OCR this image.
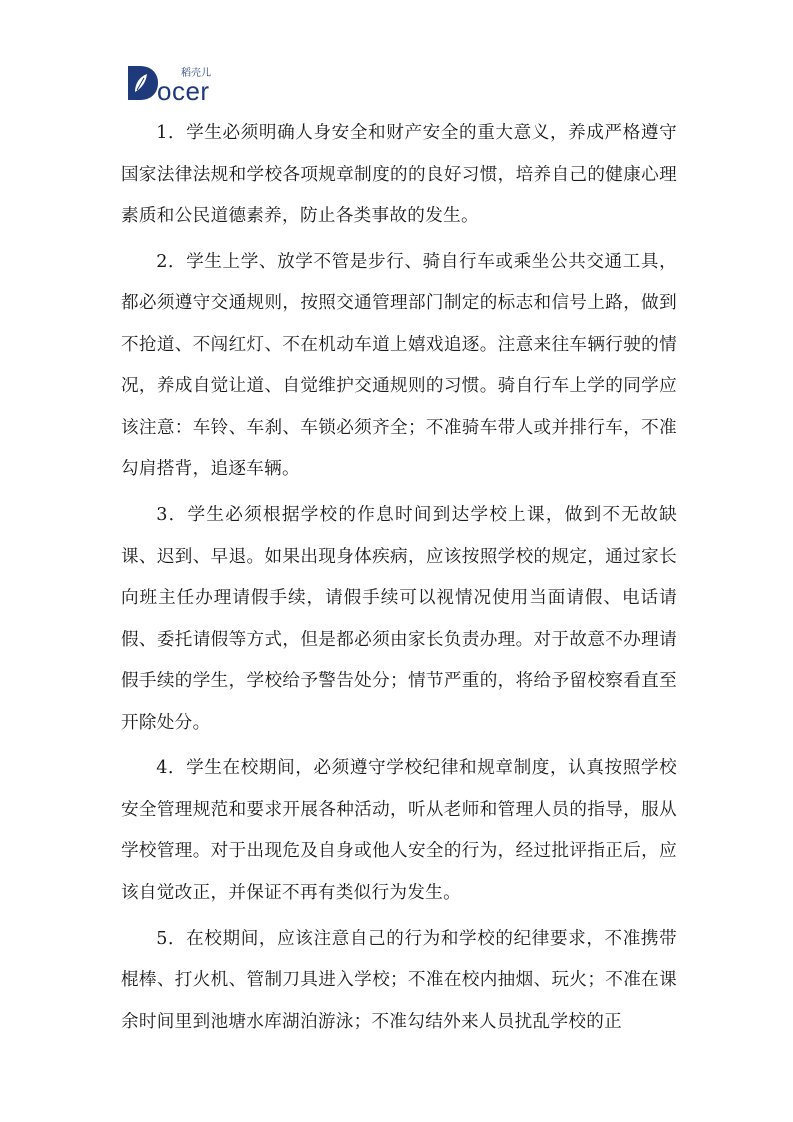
稻壳儿
ocer

1．学生必须明确人身安全和财产安全的重大意义，养成严格遵守国家法律法规和学校各项规章制度的的良好习惯，培养自己的健康心理素质和公民道德素养，防止各类事故的发生。

2．学生上学、放学不管是步行、骑自行车或乘坐公共交通工具，都必须遵守交通规则，按照交通管理部门制定的标志和信号上路，做到不抢道、不闯红灯、不在机动车道上嬉戏追逐。注意来往车辆行驶的情况，养成自觉让道、自觉维护交通规则的习惯。骑自行车上学的同学应该注意：车铃、车刹、车锁必须齐全；不准骑车带人或并排行车，不准勾肩搭背，追逐车辆。

3．学生必须根据学校的作息时间到达学校上课，做到不无故缺课、迟到、早退。如果出现身体疾病，应该按照学校的规定，通过家长向班主任办理请假手续，请假手续可以视情况使用当面请假、电话请假、委托请假等方式，但是都必须由家长负责办理。对于故意不办理请假手续的学生，学校给予警告处分；情节严重的，将给予留校察看直至开除处分。

4．学生在校期间，必须遵守学校纪律和规章制度，认真按照学校安全管理规范和要求开展各种活动，听从老师和管理人员的指导，服从学校管理。对于出现危及自身或他人安全的行为，经过批评指正后，应该自觉改正，并保证不再有类似行为发生。

5．在校期间，应该注意自己的行为和学校的纪律要求，不准携带棍棒、打火机、管制刀具进入学校；不准在校内抽烟、玩火；不准在课余时间里到池塘水库湖泊游泳；不准勾结外来人员扰乱学校的正
